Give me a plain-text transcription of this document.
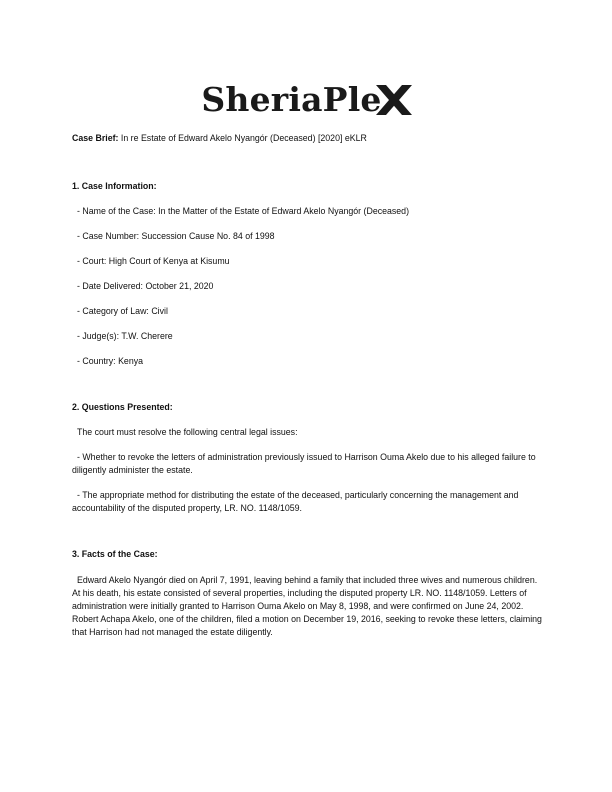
SheriaPle

Case Brief: In re Estate of Edward Akelo Nyangór (Deceased) [2020] eKLR

1. Case Information:

- Name of the Case: In the Matter of the Estate of Edward Akelo Nyangór (Deceased)

- Case Number: Succession Cause No. 84 of 1998

- Court: High Court of Kenya at Kisumu

- Date Delivered: October 21, 2020

- Category of Law: Civil

- Judge(s): T.W. Cherere

- Country: Kenya

2. Questions Presented:

The court must resolve the following central legal issues:

- Whether to revoke the letters of administration previously issued to Harrison Ouma Akelo due to his alleged failure to diligently administer the estate.

- The appropriate method for distributing the estate of the deceased, particularly concerning the management and accountability of the disputed property, LR. NO. 1148/1059.

3. Facts of the Case:

Edward Akelo Nyangór died on April 7, 1991, leaving behind a family that included three wives and numerous children. At his death, his estate consisted of several properties, including the disputed property LR. NO. 1148/1059. Letters of administration were initially granted to Harrison Ouma Akelo on May 8, 1998, and were confirmed on June 24, 2002. Robert Achapa Akelo, one of the children, filed a motion on December 19, 2016, seeking to revoke these letters, claiming that Harrison had not managed the estate diligently.
